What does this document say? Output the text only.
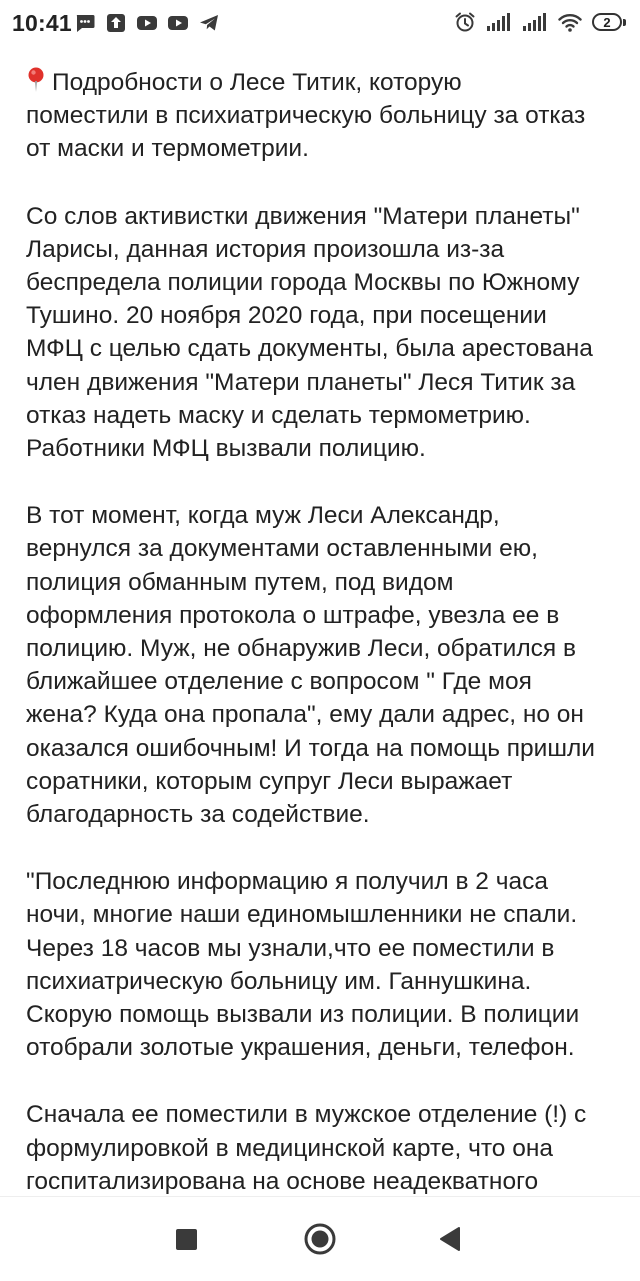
10:41	2

Подробности о Лесе Титик, которую
поместили в психиатрическую больницу за отказ
от маски и термометрии.

Со слов активистки движения "Матери планеты"
Ларисы, данная история произошла из-за
беспредела полиции города Москвы по Южному
Тушино. 20 ноября 2020 года, при посещении
МФЦ с целью сдать документы, была арестована
член движения "Матери планеты" Леся Титик за
отказ надеть маску и сделать термометрию.
Работники МФЦ вызвали полицию.

В тот момент, когда муж Леси Александр,
вернулся за документами оставленными ею,
полиция обманным путем, под видом
оформления протокола о штрафе, увезла ее в
полицию. Муж, не обнаружив Леси, обратился в
ближайшее отделение с вопросом " Где моя
жена? Куда она пропала", ему дали адрес, но он
оказался ошибочным! И тогда на помощь пришли
соратники, которым супруг Леси выражает
благодарность за содействие.

"Последнюю информацию я получил в 2 часа
ночи, многие наши единомышленники не спали.
Через 18 часов мы узнали,что ее поместили в
психиатрическую больницу им. Ганнушкина.
Скорую помощь вызвали из полиции. В полиции
отобрали золотые украшения, деньги, телефон.

Сначала ее поместили в мужское отделение (!) с
формулировкой в медицинской карте, что она
госпитализирована на основе неадекватного
